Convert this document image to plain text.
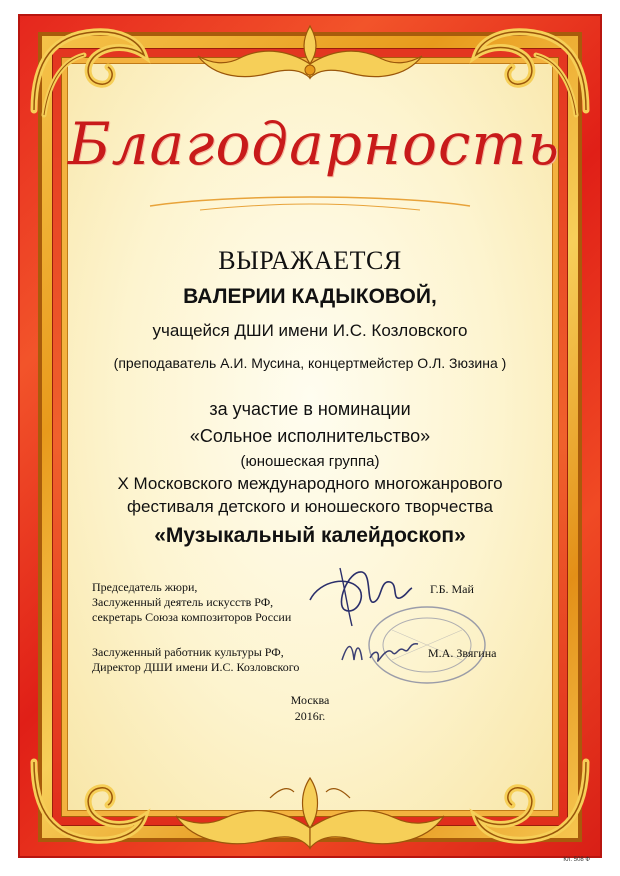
Благодарность
ВЫРАЖАЕТСЯ
ВАЛЕРИИ КАДЫКОВОЙ,
учащейся ДШИ имени И.С. Козловского
(преподаватель А.И. Мусина, концертмейстер О.Л. Зюзина )
за участие в номинации
«Сольное исполнительство»
(юношеская группа)
X Московского международного многожанрового
фестиваля детского и юношеского творчества
«Музыкальный калейдоскоп»
Председатель жюри,
Заслуженный деятель искусств РФ,
секретарь Союза композиторов России
Г.Б. Май
Заслуженный работник культуры РФ,
Директор ДШИ имени И.С. Козловского
М.А. Звягина
Москва
2016г.
Кл. 508 Ф
